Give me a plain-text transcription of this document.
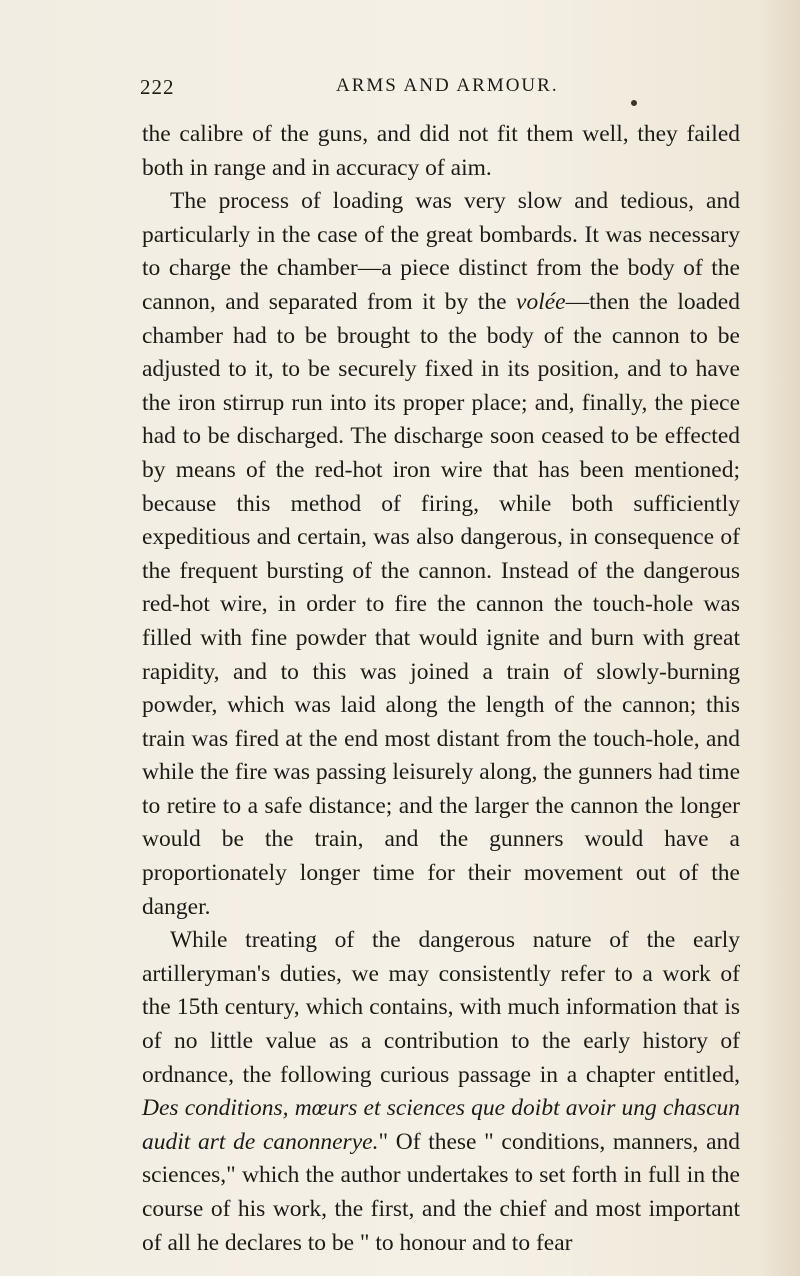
222	ARMS AND ARMOUR.

the calibre of the guns, and did not fit them well, they failed both in range and in accuracy of aim.

The process of loading was very slow and tedious, and particularly in the case of the great bombards. It was necessary to charge the chamber—a piece distinct from the body of the cannon, and separated from it by the volée—then the loaded chamber had to be brought to the body of the cannon to be adjusted to it, to be securely fixed in its position, and to have the iron stirrup run into its proper place; and, finally, the piece had to be discharged. The discharge soon ceased to be effected by means of the red-hot iron wire that has been mentioned; because this method of firing, while both sufficiently expeditious and certain, was also dangerous, in consequence of the frequent bursting of the cannon. Instead of the dangerous red-hot wire, in order to fire the cannon the touch-hole was filled with fine powder that would ignite and burn with great rapidity, and to this was joined a train of slowly-burning powder, which was laid along the length of the cannon; this train was fired at the end most distant from the touch-hole, and while the fire was passing leisurely along, the gunners had time to retire to a safe distance; and the larger the cannon the longer would be the train, and the gunners would have a proportionately longer time for their movement out of the danger.

While treating of the dangerous nature of the early artilleryman's duties, we may consistently refer to a work of the 15th century, which contains, with much information that is of no little value as a contribution to the early history of ordnance, the following curious passage in a chapter entitled, Des conditions, mœurs et sciences que doibt avoir ung chascun audit art de canonnerye." Of these " conditions, manners, and sciences," which the author undertakes to set forth in full in the course of his work, the first, and the chief and most important of all he declares to be " to honour and to fear
